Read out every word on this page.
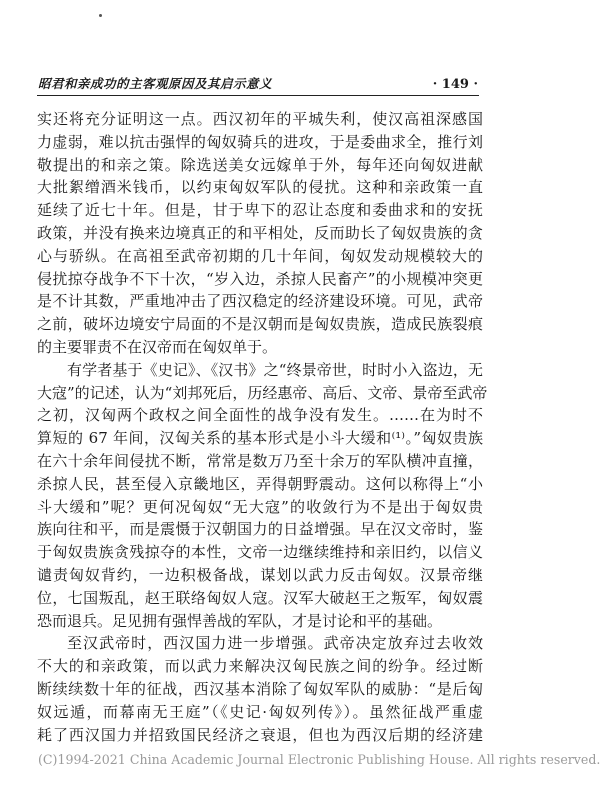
昭君和亲成功的主客观原因及其启示意义	· 149 ·
实还将充分证明这一点。西汉初年的平城失利，使汉高祖深感国
力虚弱，难以抗击强悍的匈奴骑兵的进攻，于是委曲求全，推行刘
敬提出的和亲之策。除选送美女远嫁单于外，每年还向匈奴进献
大批絮缯酒米钱币，以约束匈奴军队的侵扰。这种和亲政策一直
延续了近七十年。但是，甘于卑下的忍让态度和委曲求和的安抚
政策，并没有换来边境真正的和平相处，反而助长了匈奴贵族的贪
心与骄纵。在高祖至武帝初期的几十年间，匈奴发动规模较大的
侵扰掠夺战争不下十次，“岁入边，杀掠人民畜产”的小规模冲突更
是不计其数，严重地冲击了西汉稳定的经济建设环境。可见，武帝
之前，破坏边境安宁局面的不是汉朝而是匈奴贵族，造成民族裂痕
的主要罪责不在汉帝而在匈奴单于。
有学者基于《史记》、《汉书》之“终景帝世，时时小入盗边，无
大寇”的记述，认为“刘邦死后，历经惠帝、高后、文帝、景帝至武帝
之初，汉匈两个政权之间全面性的战争没有发生。……在为时不
算短的 67 年间，汉匈关系的基本形式是小斗大缓和⁽¹⁾。”匈奴贵族
在六十余年间侵扰不断，常常是数万乃至十余万的军队横冲直撞，
杀掠人民，甚至侵入京畿地区，弄得朝野震动。这何以称得上“小
斗大缓和”呢？更何况匈奴“无大寇”的收敛行为不是出于匈奴贵
族向往和平，而是震慑于汉朝国力的日益增强。早在汉文帝时，鉴
于匈奴贵族贪残掠夺的本性，文帝一边继续维持和亲旧约，以信义
谴责匈奴背约，一边积极备战，谋划以武力反击匈奴。汉景帝继
位，七国叛乱，赵王联络匈奴人寇。汉军大破赵王之叛军，匈奴震
恐而退兵。足见拥有强悍善战的军队，才是讨论和平的基础。
至汉武帝时，西汉国力进一步增强。武帝决定放弃过去收效
不大的和亲政策，而以武力来解决汉匈民族之间的纷争。经过断
断续续数十年的征战，西汉基本消除了匈奴军队的威胁：“是后匈
奴远遁，而幕南无王庭”（《史记·匈奴列传》）。虽然征战严重虚
耗了西汉国力并招致国民经济之衰退，但也为西汉后期的经济建
(C)1994-2021 China Academic Journal Electronic Publishing House. All rights reserved.
